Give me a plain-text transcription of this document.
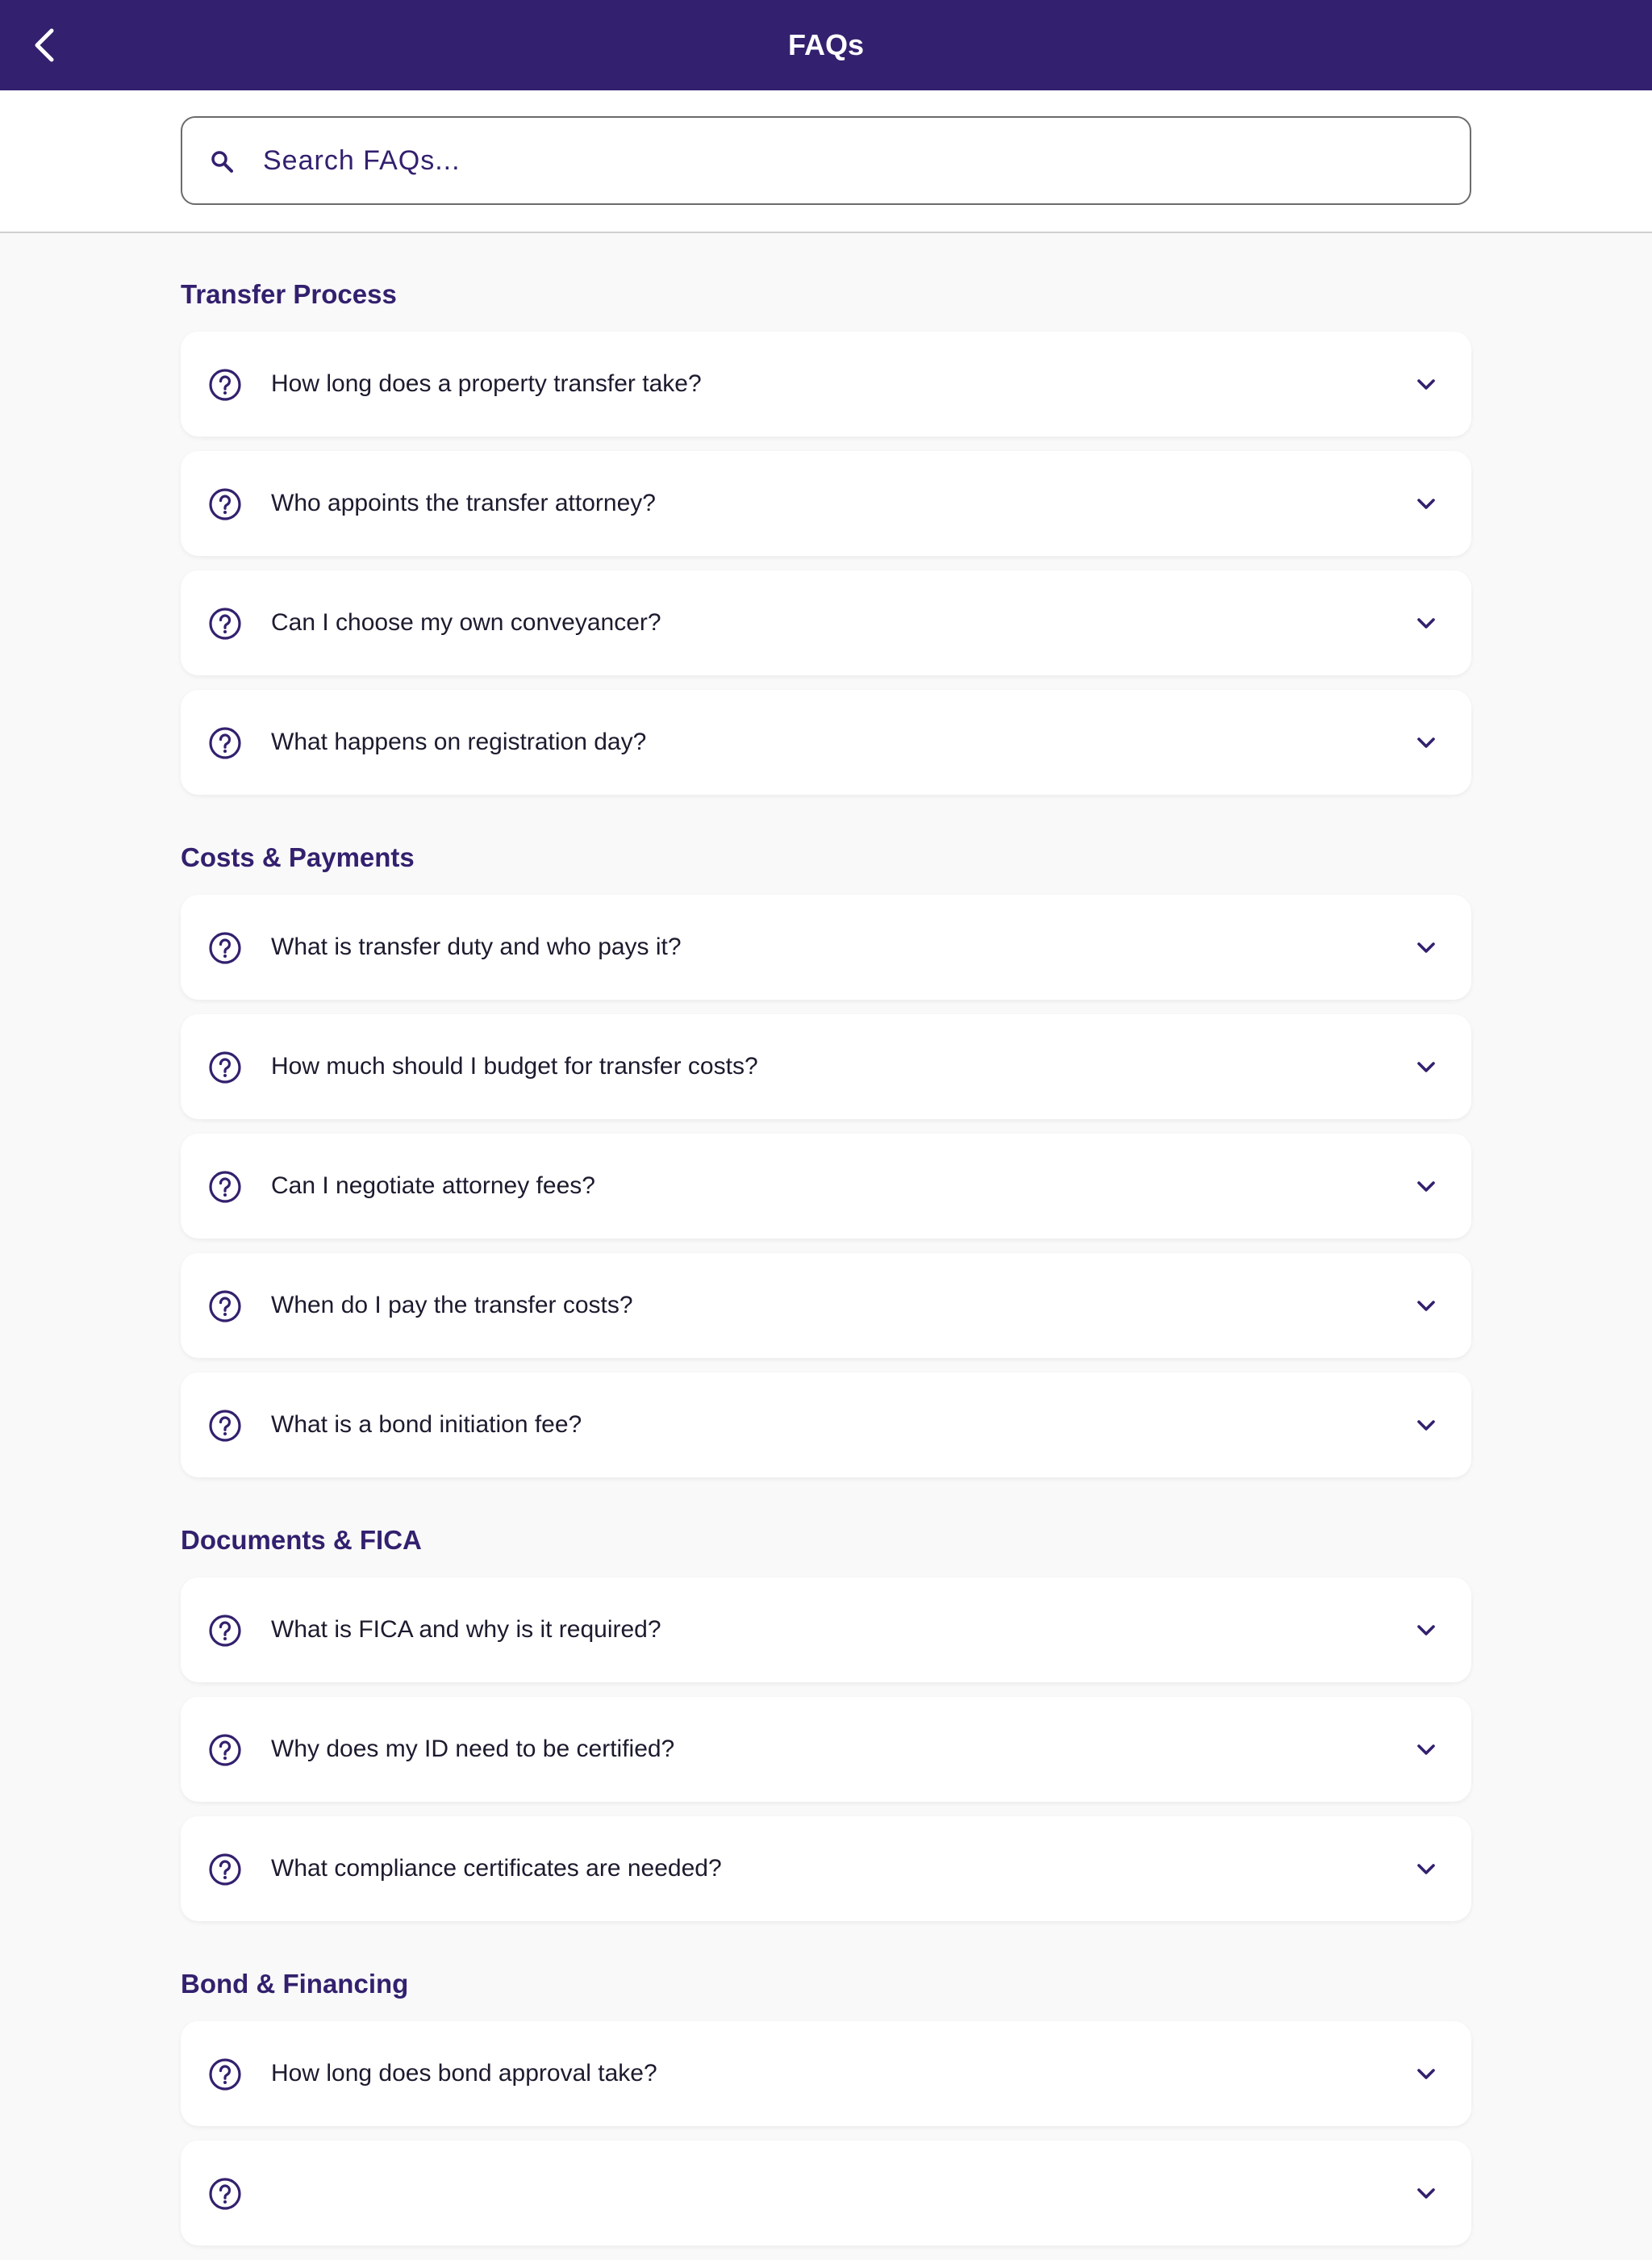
FAQs
Search FAQs...
Transfer Process
How long does a property transfer take?
Who appoints the transfer attorney?
Can I choose my own conveyancer?
What happens on registration day?
Costs & Payments
What is transfer duty and who pays it?
How much should I budget for transfer costs?
Can I negotiate attorney fees?
When do I pay the transfer costs?
What is a bond initiation fee?
Documents & FICA
What is FICA and why is it required?
Why does my ID need to be certified?
What compliance certificates are needed?
Bond & Financing
How long does bond approval take?
